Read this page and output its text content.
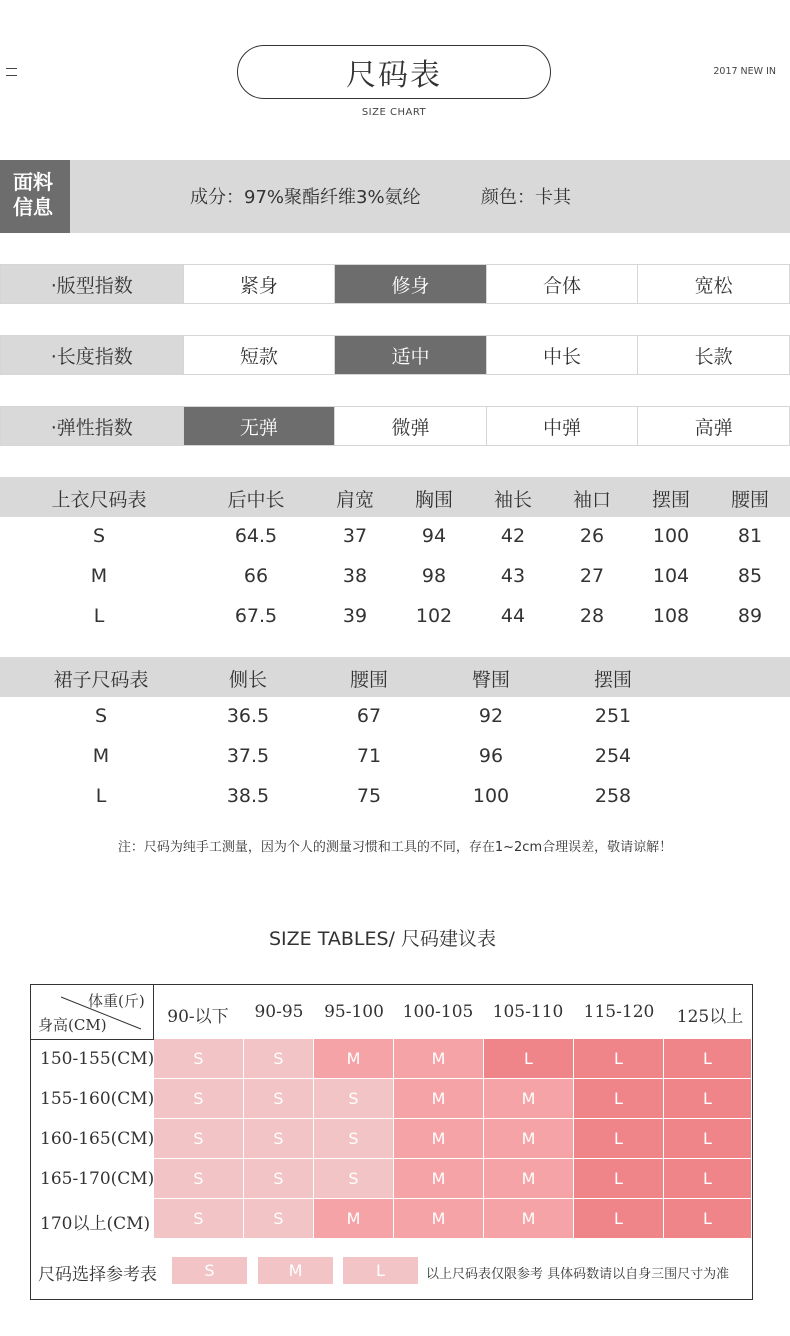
尺码表
SIZE CHART
2017 NEW IN
面料
信息	成分：97%聚酯纤维3%氨纶	颜色：卡其
·版型指数	紧身	修身	合体	宽松
·长度指数	短款	适中	中长	长款
·弹性指数	无弹	微弹	中弹	高弹
上衣尺码表	后中长	肩宽 胸围 袖长 袖口 摆围 腰围
S	64.5	37	94	42	26	100	81
M	66	38	98	43	27	104	85
L	67.5	39	102	44	28	108	89
裙子尺码表	侧长	腰围	臀围	摆围
S	36.5	67	92	251
M	37.5	71	96	254
L	38.5	75	100	258
注：尺码为纯手工测量，因为个人的测量习惯和工具的不同，存在1~2cm合理误差，敬请谅解！
SIZE TABLES/ 尺码建议表
体重(斤)
身高(CM)	90-以下 90-95 95-100 100-105 105-110 115-120 125以上
150-155(CM)	S	S	M	M	L	L	L
155-160(CM)	S	S	S	M	M	L	L
160-165(CM)	S	S	S	M	M	L	L
165-170(CM)	S	S	S	M	M	L	L
170以上(CM)	S	S	M	M	M	L	L
尺码选择参考表	S	M	L	以上尺码表仅限参考 具体码数请以自身三围尺寸为准
